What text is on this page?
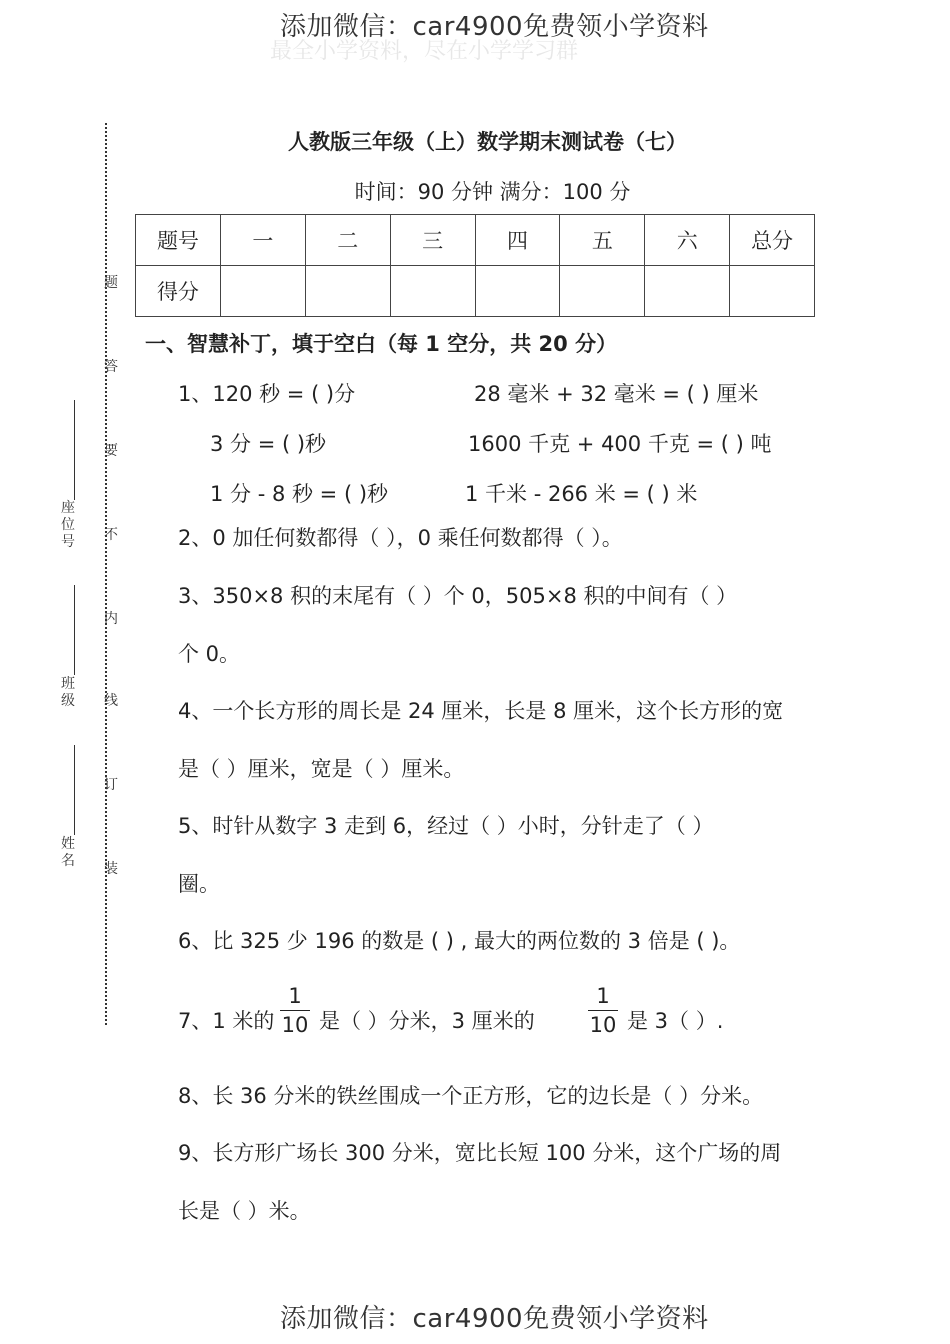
添加微信：car4900免费领小学资料
最全小学资料，尽在小学学习群
题
答
要
不
内
线
订
装
座位号
班级
姓名
人教版三年级（上）数学期末测试卷（七）
时间：90 分钟 满分：100 分
题号	一	二	三	四	五	六	总分
得分							
一、智慧补丁，填于空白（每 1 空分，共 20 分）
1、120 秒 = ( )分	28 毫米 + 32 毫米 = ( ) 厘米
3 分 = ( )秒	1600 千克 + 400 千克 = ( ) 吨
1 分 - 8 秒 = ( )秒	1 千米 - 266 米 = ( ) 米
2、0 加任何数都得（ ），0 乘任何数都得（ ）。
3、350×8 积的末尾有（ ）个 0，505×8 积的中间有（ ）
个 0。
4、一个长方形的周长是 24 厘米，长是 8 厘米，这个长方形的宽
是（ ）厘米，宽是（ ）厘米。
5、时针从数字 3 走到 6，经过（ ）小时，分针走了（ ）
圈。
6、比 325 少 196 的数是 ( ) , 最大的两位数的 3 倍是 ( )。
7、1 米的
1
10 是（ ）分米，3 厘米的
1
10 是 3（ ）.
8、长 36 分米的铁丝围成一个正方形，它的边长是（ ）分米。
9、长方形广场长 300 分米，宽比长短 100 分米，这个广场的周
长是（ ）米。
添加微信：car4900免费领小学资料
